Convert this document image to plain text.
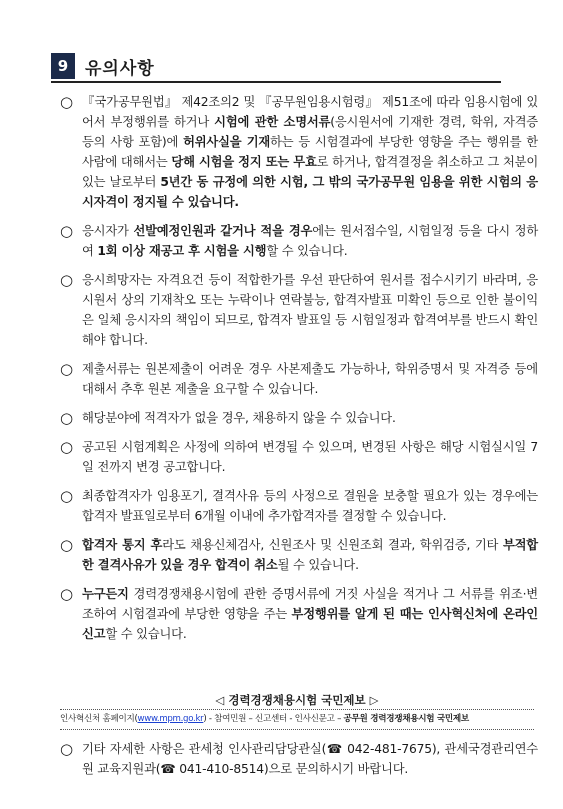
9 유의사항
○ 『국가공무원법』 제42조의2 및 『공무원임용시험령』 제51조에 따라 임용시험에 있어서 부정행위를 하거나 시험에 관한 소명서류(응시원서에 기재한 경력, 학위, 자격증 등의 사항 포함)에 허위사실을 기재하는 등 시험결과에 부당한 영향을 주는 행위를 한 사람에 대해서는 당해 시험을 정지 또는 무효로 하거나, 합격결정을 취소하고 그 처분이 있는 날로부터 5년간 동 규정에 의한 시험, 그 밖의 국가공무원 임용을 위한 시험의 응시자격이 정지될 수 있습니다.
○ 응시자가 선발예정인원과 같거나 적을 경우에는 원서접수일, 시험일정 등을 다시 정하여 1회 이상 재공고 후 시험을 시행할 수 있습니다.
○ 응시희망자는 자격요건 등이 적합한가를 우선 판단하여 원서를 접수시키기 바라며, 응시원서 상의 기재착오 또는 누락이나 연락불능, 합격자발표 미확인 등으로 인한 불이익은 일체 응시자의 책임이 되므로, 합격자 발표일 등 시험일정과 합격여부를 반드시 확인해야 합니다.
○ 제출서류는 원본제출이 어려운 경우 사본제출도 가능하나, 학위증명서 및 자격증 등에 대해서 추후 원본 제출을 요구할 수 있습니다.
○ 해당분야에 적격자가 없을 경우, 채용하지 않을 수 있습니다.
○ 공고된 시험계획은 사정에 의하여 변경될 수 있으며, 변경된 사항은 해당 시험실시일 7일 전까지 변경 공고합니다.
○ 최종합격자가 임용포기, 결격사유 등의 사정으로 결원을 보충할 필요가 있는 경우에는 합격자 발표일로부터 6개월 이내에 추가합격자를 결정할 수 있습니다.
○ 합격자 통지 후라도 채용신체검사, 신원조사 및 신원조회 결과, 학위검증, 기타 부적합한 결격사유가 있을 경우 합격이 취소될 수 있습니다.
○ 누구든지 경력경쟁채용시험에 관한 증명서류에 거짓 사실을 적거나 그 서류를 위조·변조하여 시험결과에 부당한 영향을 주는 부정행위를 알게 된 때는 인사혁신처에 온라인 신고할 수 있습니다.
◁ 경력경쟁채용시험 국민제보 ▷
인사혁신처 홈페이지(www.mpm.go.kr) - 참여민원 – 신고센터 - 인사신문고 – 공무원 경력경쟁채용시험 국민제보
○ 기타 자세한 사항은 관세청 인사관리담당관실(☎ 042-481-7675), 관세국경관리연수원 교육지원과(☎ 041-410-8514)으로 문의하시기 바랍니다.
